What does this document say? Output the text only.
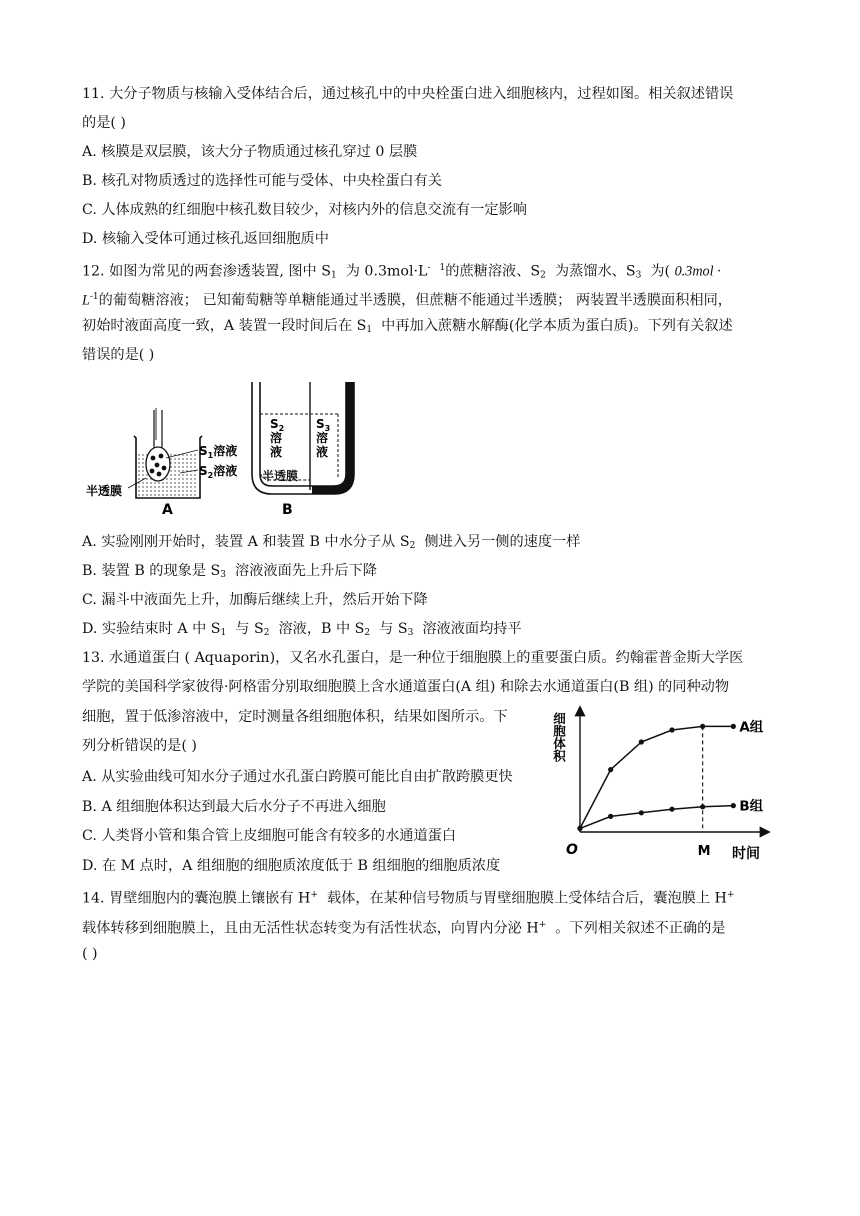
11. 大分子物质与核输入受体结合后，通过核孔中的中央栓蛋白进入细胞核内，过程如图。相关叙述错误
的是( )
A. 核膜是双层膜，该大分子物质通过核孔穿过 0 层膜
B. 核孔对物质透过的选择性可能与受体、中央栓蛋白有关
C. 人体成熟的红细胞中核孔数目较少，对核内外的信息交流有一定影响
D. 核输入受体可通过核孔返回细胞质中
12. 如图为常见的两套渗透装置, 图中 $S_1$ 为 0.3mol·L- $^1$的蔗糖溶液、$S_2$ 为蒸馏水、$S_3$ 为( 0.3mol ·
$L^{-1}$的葡萄糖溶液； 已知葡萄糖等单糖能通过半透膜，但蔗糖不能通过半透膜； 两装置半透膜面积相同，
初始时液面高度一致，A 装置一段时间后在 $S_1$ 中再加入蔗糖水解酶(化学本质为蛋白质)。下列有关叙述
错误的是( )
$S_1$溶液
$S_2$溶液
半透膜
A
$S_2$
溶
液
$S_3$
溶
液
半透膜
B
A. 实验刚刚开始时，装置 A 和装置 B 中水分子从 $S_2$ 侧进入另一侧的速度一样
B. 装置 B 的现象是 $S_3$ 溶液液面先上升后下降
C. 漏斗中液面先上升，加酶后继续上升，然后开始下降
D. 实验结束时 A 中 $S_1$ 与 $S_2$ 溶液，B 中 $S_2$ 与 $S_3$ 溶液液面均持平
13. 水通道蛋白 ( Aquaporin)，又名水孔蛋白，是一种位于细胞膜上的重要蛋白质。约翰霍普金斯大学医
学院的美国科学家彼得·阿格雷分别取细胞膜上含水通道蛋白(A 组) 和除去水通道蛋白(B 组) 的同种动物
细胞，置于低渗溶液中，定时测量各组细胞体积，结果如图所示。下
列分析错误的是( )
A. 从实验曲线可知水分子通过水孔蛋白跨膜可能比自由扩散跨膜更快
B. A 组细胞体积达到最大后水分子不再进入细胞
C. 人类肾小管和集合管上皮细胞可能含有较多的水通道蛋白
D. 在 M 点时，A 组细胞的细胞质浓度低于 B 组细胞的细胞质浓度
A组
B组
细胞体积
时间
O	M
14. 胃壁细胞内的囊泡膜上镶嵌有 H+ 载体，在某种信号物质与胃壁细胞膜上受体结合后，囊泡膜上 H+
载体转移到细胞膜上，且由无活性状态转变为有活性状态，向胃内分泌 H+ 。下列相关叙述不正确的是
( )
